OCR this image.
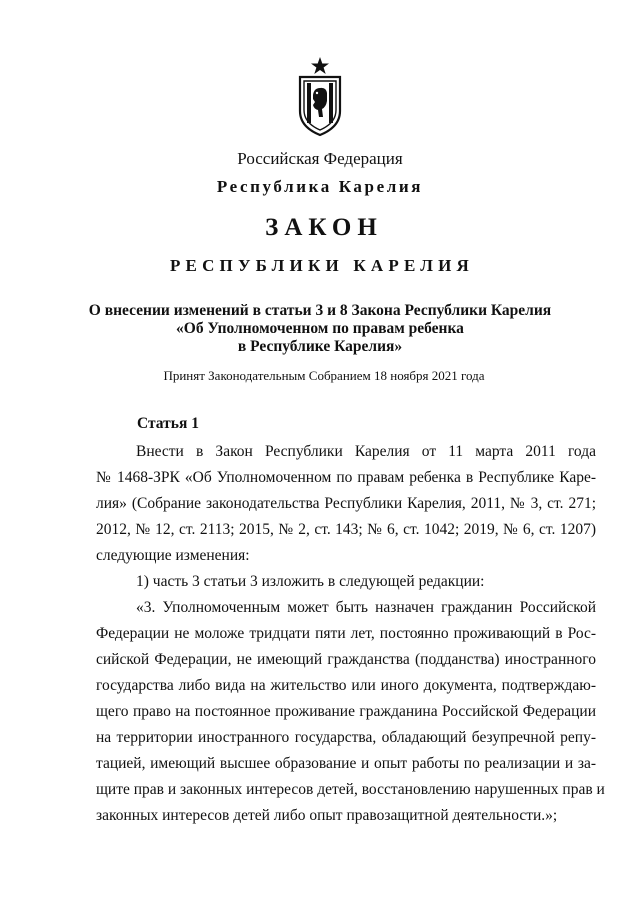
Российская Федерация
Республика Карелия
ЗАКОН
РЕСПУБЛИКИ КАРЕЛИЯ
О внесении изменений в статьи 3 и 8 Закона Республики Карелия
«Об Уполномоченном по правам ребенка
в Республике Карелия»
Принят Законодательным Собранием 18 ноября 2021 года
Статья 1
Внести в Закон Республики Карелия от 11 марта 2011 года
№ 1468-ЗРК «Об Уполномоченном по правам ребенка в Республике Каре-
лия» (Собрание законодательства Республики Карелия, 2011, № 3, ст. 271;
2012, № 12, ст. 2113; 2015, № 2, ст. 143; № 6, ст. 1042; 2019, № 6, ст. 1207)
следующие изменения:
1) часть 3 статьи 3 изложить в следующей редакции:
«3. Уполномоченным может быть назначен гражданин Российской
Федерации не моложе тридцати пяти лет, постоянно проживающий в Рос-
сийской Федерации, не имеющий гражданства (подданства) иностранного
государства либо вида на жительство или иного документа, подтверждаю-
щего право на постоянное проживание гражданина Российской Федерации
на территории иностранного государства, обладающий безупречной репу-
тацией, имеющий высшее образование и опыт работы по реализации и за-
щите прав и законных интересов детей, восстановлению нарушенных прав и
законных интересов детей либо опыт правозащитной деятельности.»;
